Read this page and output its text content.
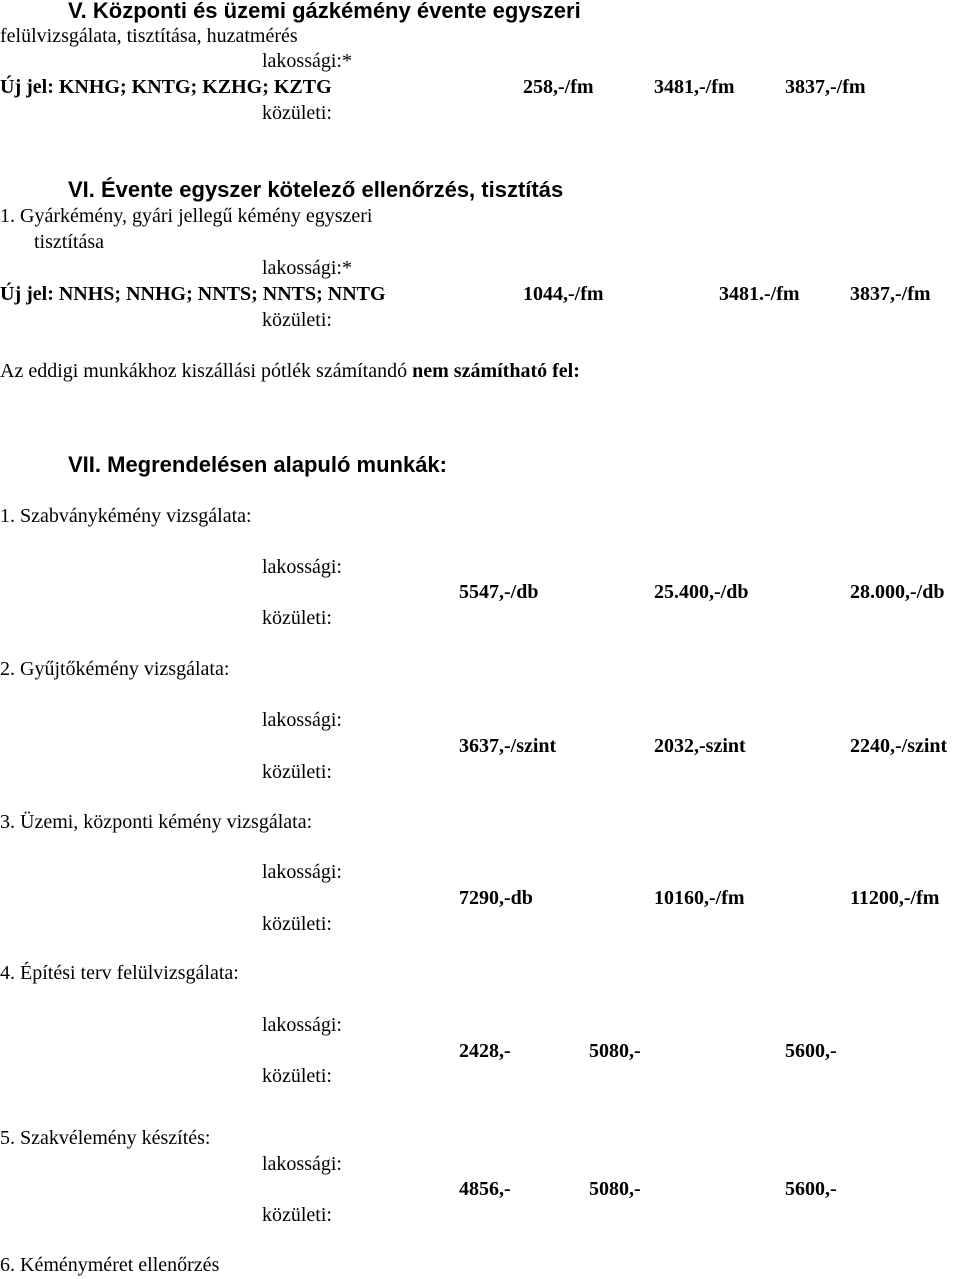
V. Központi és üzemi gázkémény évente egyszeri
felülvizsgálata, tisztítása, huzatmérés
lakossági:*
Új jel: KNHG; KNTG; KZHG; KZTG	258,-/fm	3481,-/fm	3837,-/fm
közületi:
VI. Évente egyszer kötelező ellenőrzés, tisztítás
1. Gyárkémény, gyári jellegű kémény egyszeri
tisztítása
lakossági:*
Új jel: NNHS; NNHG; NNTS; NNTS; NNTG	1044,-/fm	3481.-/fm	3837,-/fm
közületi:
Az eddigi munkákhoz kiszállási pótlék számítandó nem számítható fel:
VII. Megrendelésen alapuló munkák:
1. Szabványkémény vizsgálata:
lakossági:
5547,-/db	25.400,-/db	28.000,-/db
közületi:
2. Gyűjtőkémény vizsgálata:
lakossági:
3637,-/szint	2032,-szint	2240,-/szint
közületi:
3. Üzemi, központi kémény vizsgálata:
lakossági:
7290,-db	10160,-/fm	11200,-/fm
közületi:
4. Építési terv felülvizsgálata:
lakossági:
2428,-	5080,-	5600,-
közületi:
5. Szakvélemény készítés:
lakossági:
4856,-	5080,-	5600,-
közületi:
6. Kéményméret ellenőrzés
